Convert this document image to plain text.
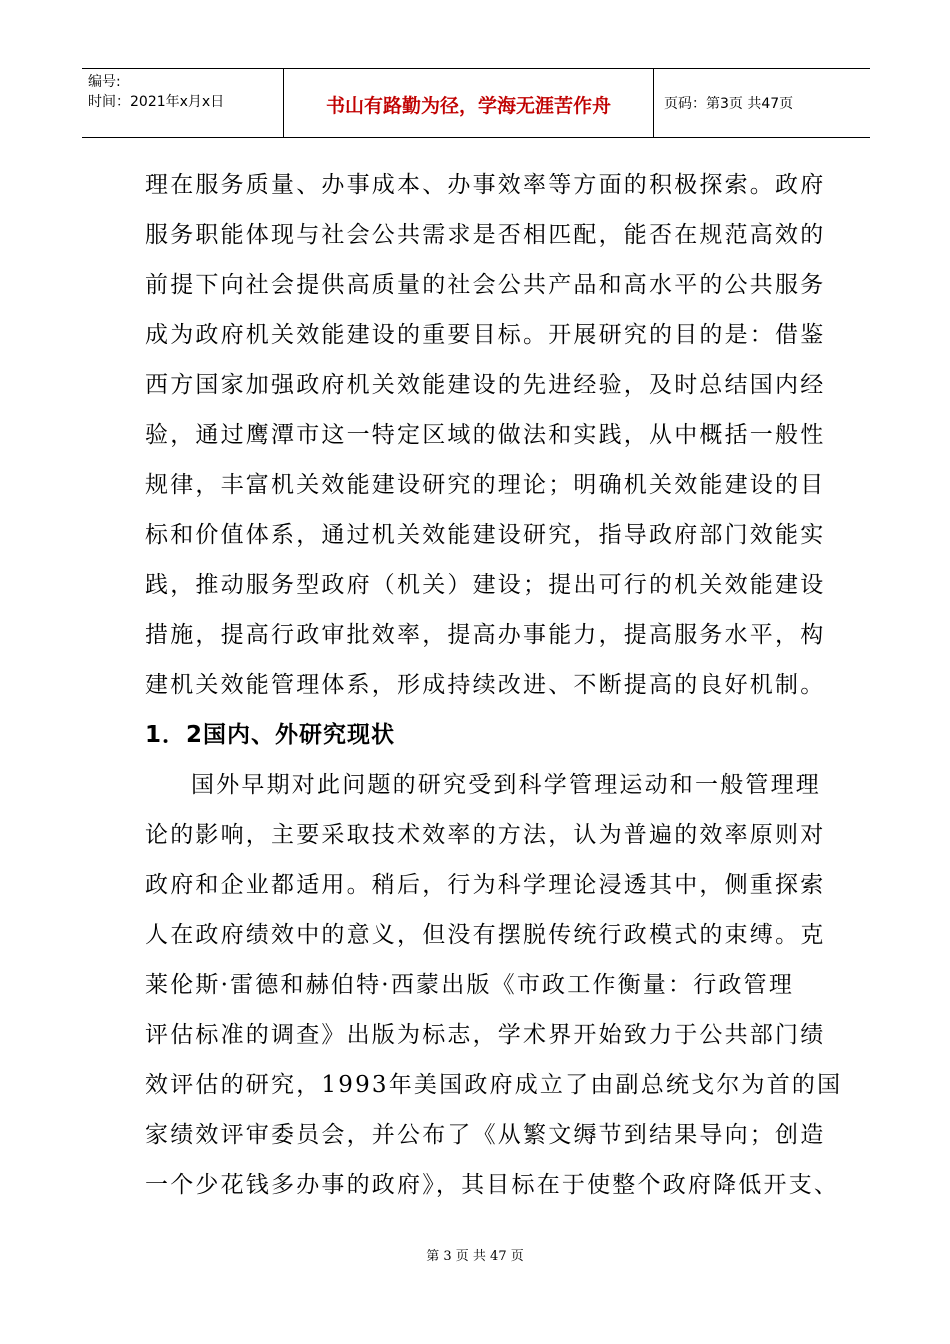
编号:
时间：2021年x月x日	书山有路勤为径，学海无涯苦作舟	页码：第3页 共47页
理在服务质量、办事成本、办事效率等方面的积极探索。政府
服务职能体现与社会公共需求是否相匹配，能否在规范高效的
前提下向社会提供高质量的社会公共产品和高水平的公共服务
成为政府机关效能建设的重要目标。开展研究的目的是：借鉴
西方国家加强政府机关效能建设的先进经验，及时总结国内经
验，通过鹰潭市这一特定区域的做法和实践，从中概括一般性
规律，丰富机关效能建设研究的理论；明确机关效能建设的目
标和价值体系，通过机关效能建设研究，指导政府部门效能实
践，推动服务型政府（机关）建设；提出可行的机关效能建设
措施，提高行政审批效率，提高办事能力，提高服务水平，构
建机关效能管理体系，形成持续改进、不断提高的良好机制。
1．2国内、外研究现状
国外早期对此问题的研究受到科学管理运动和一般管理理
论的影响，主要采取技术效率的方法，认为普遍的效率原则对
政府和企业都适用。稍后，行为科学理论浸透其中，侧重探索
人在政府绩效中的意义，但没有摆脱传统行政模式的束缚。克
莱伦斯·雷德和赫伯特·西蒙出版《市政工作衡量：行政管理
评估标准的调查》出版为标志，学术界开始致力于公共部门绩
效评估的研究，1993年美国政府成立了由副总统戈尔为首的国
家绩效评审委员会，并公布了《从繁文缛节到结果导向；创造
一个少花钱多办事的政府》，其目标在于使整个政府降低开支、
第 3 页 共 47 页
